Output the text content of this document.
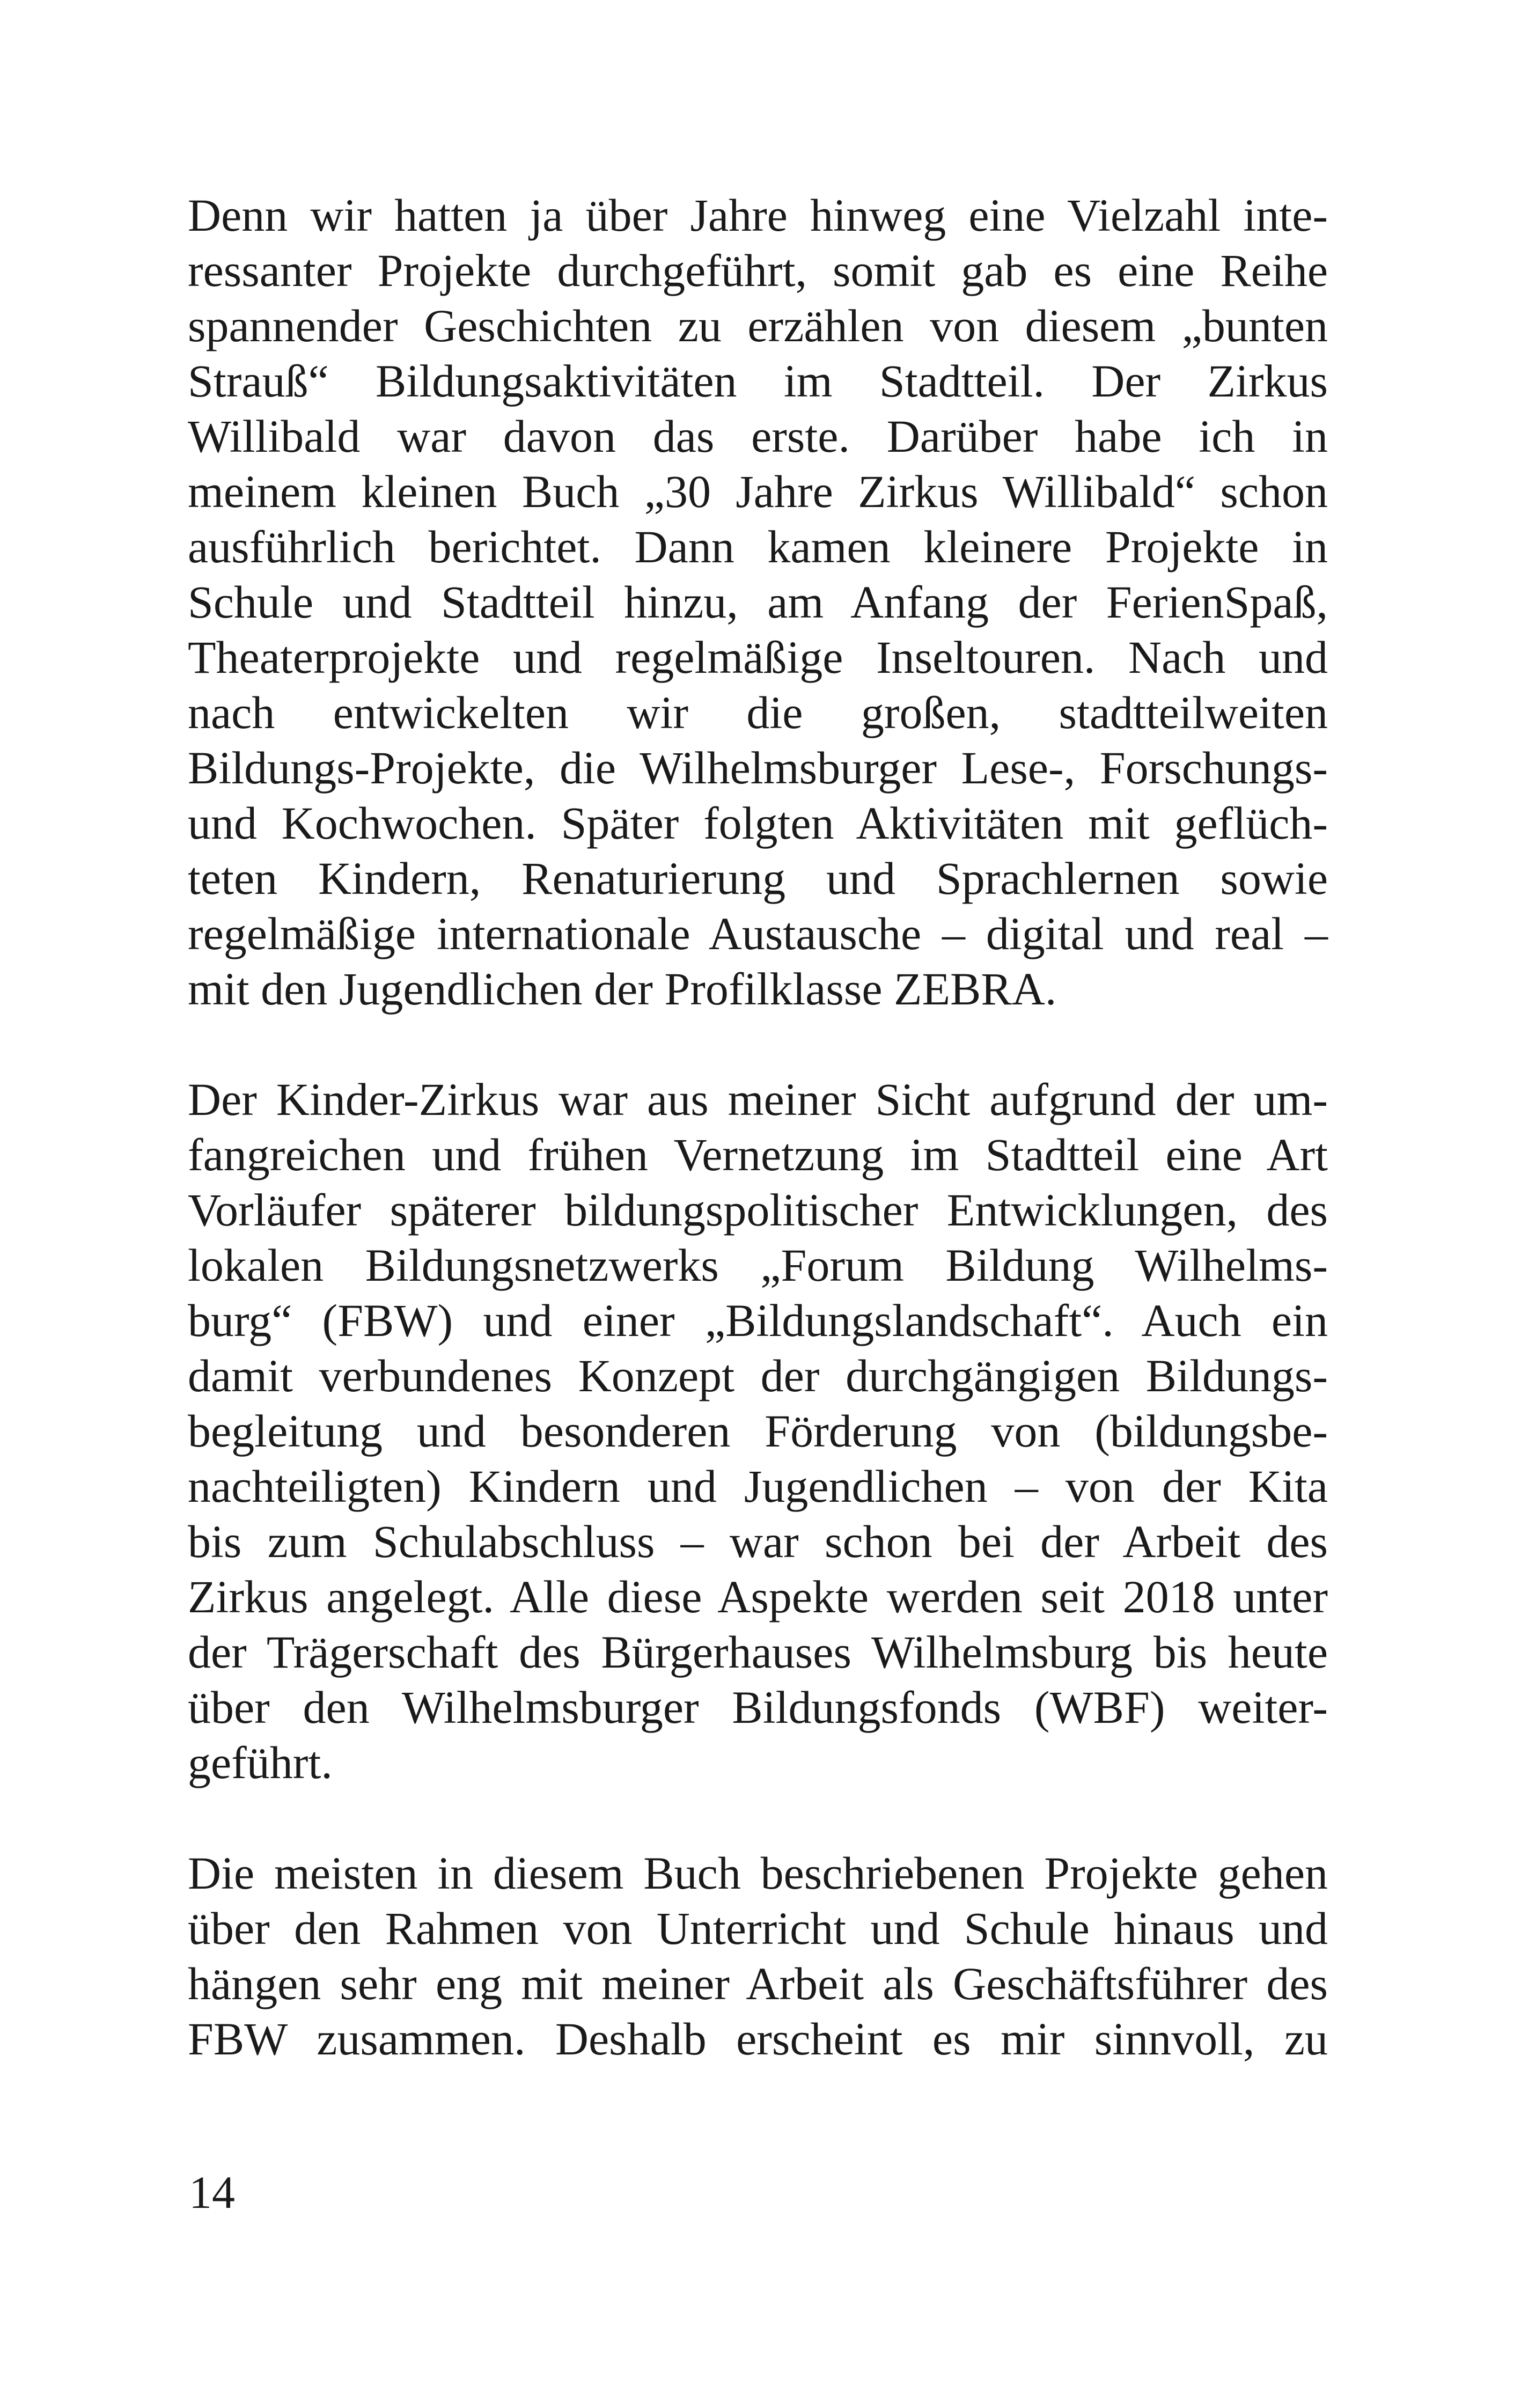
Denn wir hatten ja über Jahre hinweg eine Vielzahl inte-
ressanter Projekte durchgeführt, somit gab es eine Reihe
spannender Geschichten zu erzählen von diesem „bunten
Strauß“ Bildungsaktivitäten im Stadtteil. Der Zirkus
Willibald war davon das erste. Darüber habe ich in
meinem kleinen Buch „30 Jahre Zirkus Willibald“ schon
ausführlich berichtet. Dann kamen kleinere Projekte in
Schule und Stadtteil hinzu, am Anfang der FerienSpaß,
Theaterprojekte und regelmäßige Inseltouren. Nach und
nach entwickelten wir die großen, stadtteilweiten
Bildungs-Projekte, die Wilhelmsburger Lese-, Forschungs-
und Kochwochen. Später folgten Aktivitäten mit geflüch-
teten Kindern, Renaturierung und Sprachlernen sowie
regelmäßige internationale Austausche – digital und real –
mit den Jugendlichen der Profilklasse ZEBRA.
Der Kinder-Zirkus war aus meiner Sicht aufgrund der um-
fangreichen und frühen Vernetzung im Stadtteil eine Art
Vorläufer späterer bildungspolitischer Entwicklungen, des
lokalen Bildungsnetzwerks „Forum Bildung Wilhelms-
burg“ (FBW) und einer „Bildungslandschaft“. Auch ein
damit verbundenes Konzept der durchgängigen Bildungs-
begleitung und besonderen Förderung von (bildungsbe-
nachteiligten) Kindern und Jugendlichen – von der Kita
bis zum Schulabschluss – war schon bei der Arbeit des
Zirkus angelegt. Alle diese Aspekte werden seit 2018 unter
der Trägerschaft des Bürgerhauses Wilhelmsburg bis heute
über den Wilhelmsburger Bildungsfonds (WBF) weiter-
geführt.
Die meisten in diesem Buch beschriebenen Projekte gehen
über den Rahmen von Unterricht und Schule hinaus und
hängen sehr eng mit meiner Arbeit als Geschäftsführer des
FBW zusammen. Deshalb erscheint es mir sinnvoll, zu
14
